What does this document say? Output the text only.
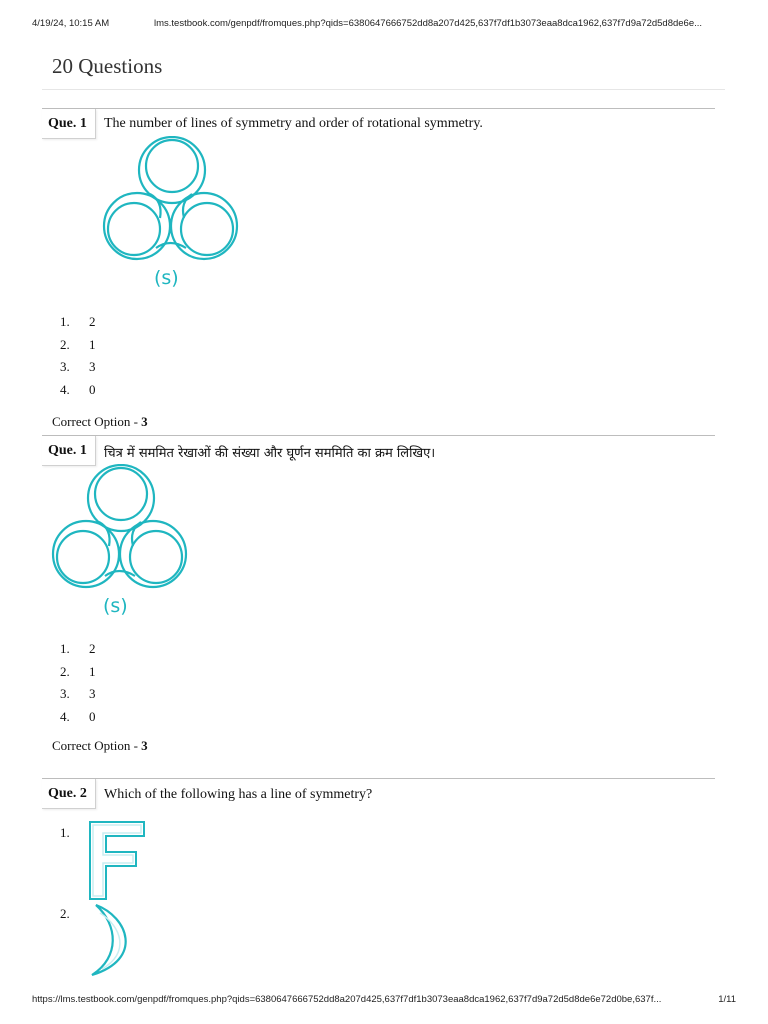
4/19/24, 10:15 AM	lms.testbook.com/genpdf/fromques.php?qids=6380647666752dd8a207d425,637f7df1b3073eaa8dca1962,637f7d9a72d5d8de6e...
20 Questions
Que. 1	The number of lines of symmetry and order of rotational symmetry.
(s)
1. 2
2. 1
3. 3
4. 0
Correct Option - 3
Que. 1	चित्र में सममित रेखाओं की संख्या और घूर्णन सममिति का क्रम लिखिए।
(s)
1. 2
2. 1
3. 3
4. 0
Correct Option - 3
Que. 2	Which of the following has a line of symmetry?
1.
2.
https://lms.testbook.com/genpdf/fromques.php?qids=6380647666752dd8a207d425,637f7df1b3073eaa8dca1962,637f7d9a72d5d8de6e72d0be,637f...	1/11
